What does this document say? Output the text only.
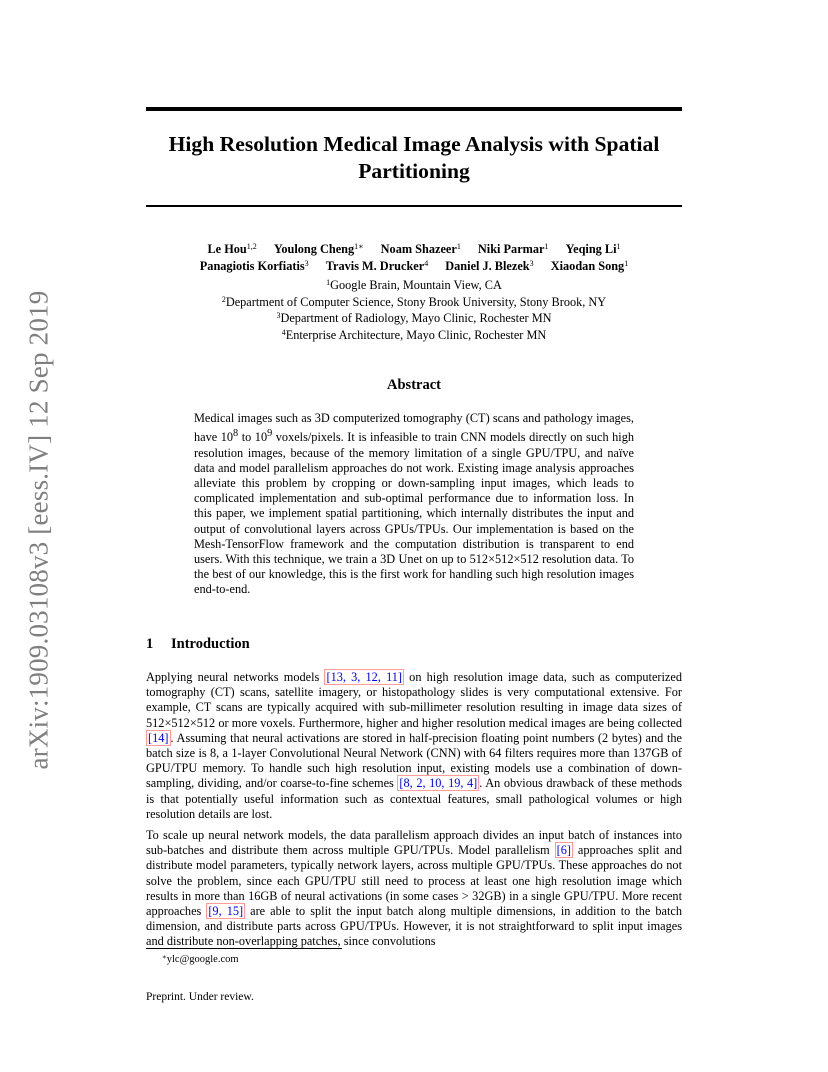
arXiv:1909.03108v3 [eess.IV] 12 Sep 2019
High Resolution Medical Image Analysis with Spatial
Partitioning
Le Hou$^{1,2}$ Youlong Cheng$^{1∗}$ Noam Shazeer$^1$ Niki Parmar$^1$ Yeqing Li$^1$
Panagiotis Korfiatis$^3$ Travis M. Drucker$^4$ Daniel J. Blezek$^3$ Xiaodan Song$^1$
$^1$Google Brain, Mountain View, CA
$^2$Department of Computer Science, Stony Brook University, Stony Brook, NY
$^3$Department of Radiology, Mayo Clinic, Rochester MN
$^4$Enterprise Architecture, Mayo Clinic, Rochester MN
Abstract
Medical images such as 3D computerized tomography (CT) scans and pathology images, have $10^8$ to $10^9$ voxels/pixels. It is infeasible to train CNN models directly on such high resolution images, because of the memory limitation of a single GPU/TPU, and naïve data and model parallelism approaches do not work. Existing image analysis approaches alleviate this problem by cropping or down-sampling input images, which leads to complicated implementation and sub-optimal performance due to information loss. In this paper, we implement spatial partitioning, which internally distributes the input and output of convolutional layers across GPUs/TPUs. Our implementation is based on the Mesh-TensorFlow framework and the computation distribution is transparent to end users. With this technique, we train a 3D Unet on up to 512×512×512 resolution data. To the best of our knowledge, this is the first work for handling such high resolution images end-to-end.
1 Introduction

Applying neural networks models [13, 3, 12, 11] on high resolution image data, such as computerized tomography (CT) scans, satellite imagery, or histopathology slides is very computational extensive. For example, CT scans are typically acquired with sub-millimeter resolution resulting in image data sizes of 512×512×512 or more voxels. Furthermore, higher and higher resolution medical images are being collected [14] . Assuming that neural activations are stored in half-precision floating point numbers (2 bytes) and the batch size is 8, a 1-layer Convolutional Neural Network (CNN) with 64 filters requires more than 137GB of GPU/TPU memory. To handle such high resolution input, existing models use a combination of down-sampling, dividing, and/or coarse-to-fine schemes [8, 2, 10, 19, 4] . An obvious drawback of these methods is that potentially useful information such as contextual features, small pathological volumes or high resolution details are lost.

To scale up neural network models, the data parallelism approach divides an input batch of instances into sub-batches and distribute them across multiple GPU/TPUs. Model parallelism [6] approaches split and distribute model parameters, typically network layers, across multiple GPU/TPUs. These approaches do not solve the problem, since each GPU/TPU still need to process at least one high resolution image which results in more than 16GB of neural activations (in some cases > 32GB) in a single GPU/TPU. More recent approaches [9, 15] are able to split the input batch along multiple dimensions, in addition to the batch dimension, and distribute parts across GPU/TPUs. However, it is not straightforward to split input images and distribute non-overlapping patches, since convolutions

∗ylc@google.com
Preprint. Under review.
